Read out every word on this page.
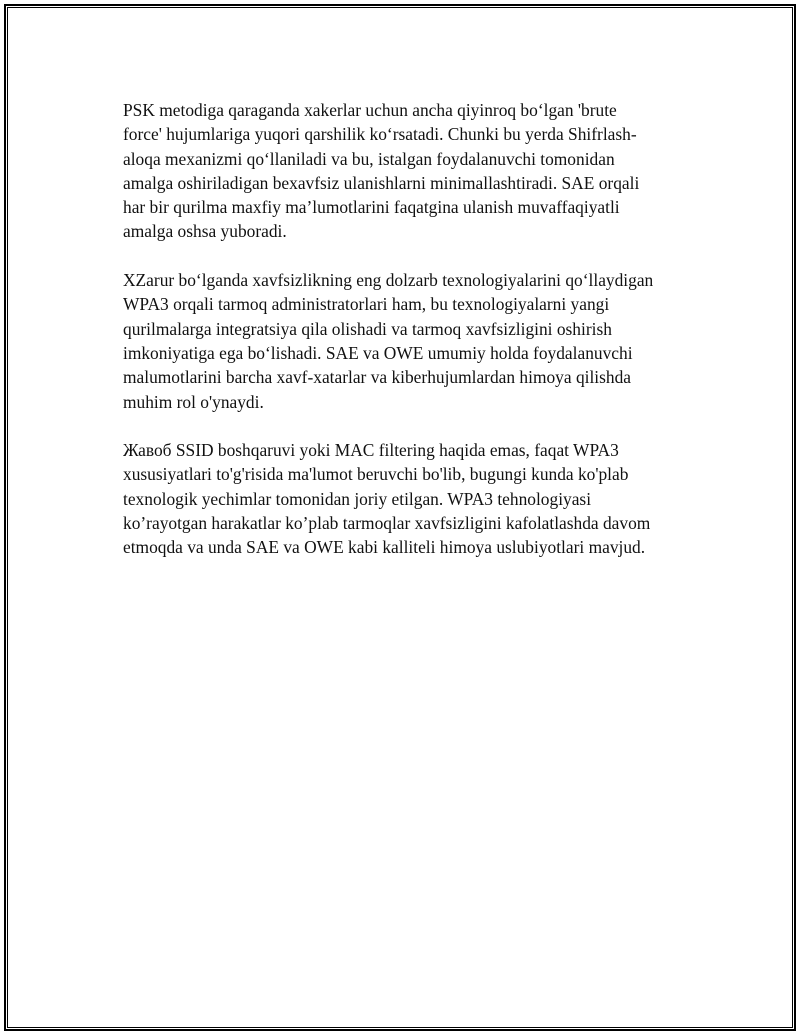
PSK metodiga qaraganda xakerlar uchun ancha qiyinroq bo‘lgan 'brute
force' hujumlariga yuqori qarshilik ko‘rsatadi. Chunki bu yerda Shifrlash-
aloqa mexanizmi qo‘llaniladi va bu, istalgan foydalanuvchi tomonidan
amalga oshiriladigan bexavfsiz ulanishlarni minimallashtiradi. SAE orqali
har bir qurilma maxfiy ma’lumotlarini faqatgina ulanish muvaffaqiyatli
amalga oshsa yuboradi.

XZarur bo‘lganda xavfsizlikning eng dolzarb texnologiyalarini qo‘llaydigan
WPA3 orqali tarmoq administratorlari ham, bu texnologiyalarni yangi
qurilmalarga integratsiya qila olishadi va tarmoq xavfsizligini oshirish
imkoniyatiga ega bo‘lishadi. SAE va OWE umumiy holda foydalanuvchi
malumotlarini barcha xavf-xatarlar va kiberhujumlardan himoya qilishda
muhim rol o'ynaydi.

Жавоб SSID boshqaruvi yoki MAC filtering haqida emas, faqat WPA3
xususiyatlari to'g'risida ma'lumot beruvchi bo'lib, bugungi kunda ko'plab
texnologik yechimlar tomonidan joriy etilgan. WPA3 tehnologiyasi
ko’rayotgan harakatlar ko’plab tarmoqlar xavfsizligini kafolatlashda davom
etmoqda va unda SAE va OWE kabi kalliteli himoya uslubiyotlari mavjud.
